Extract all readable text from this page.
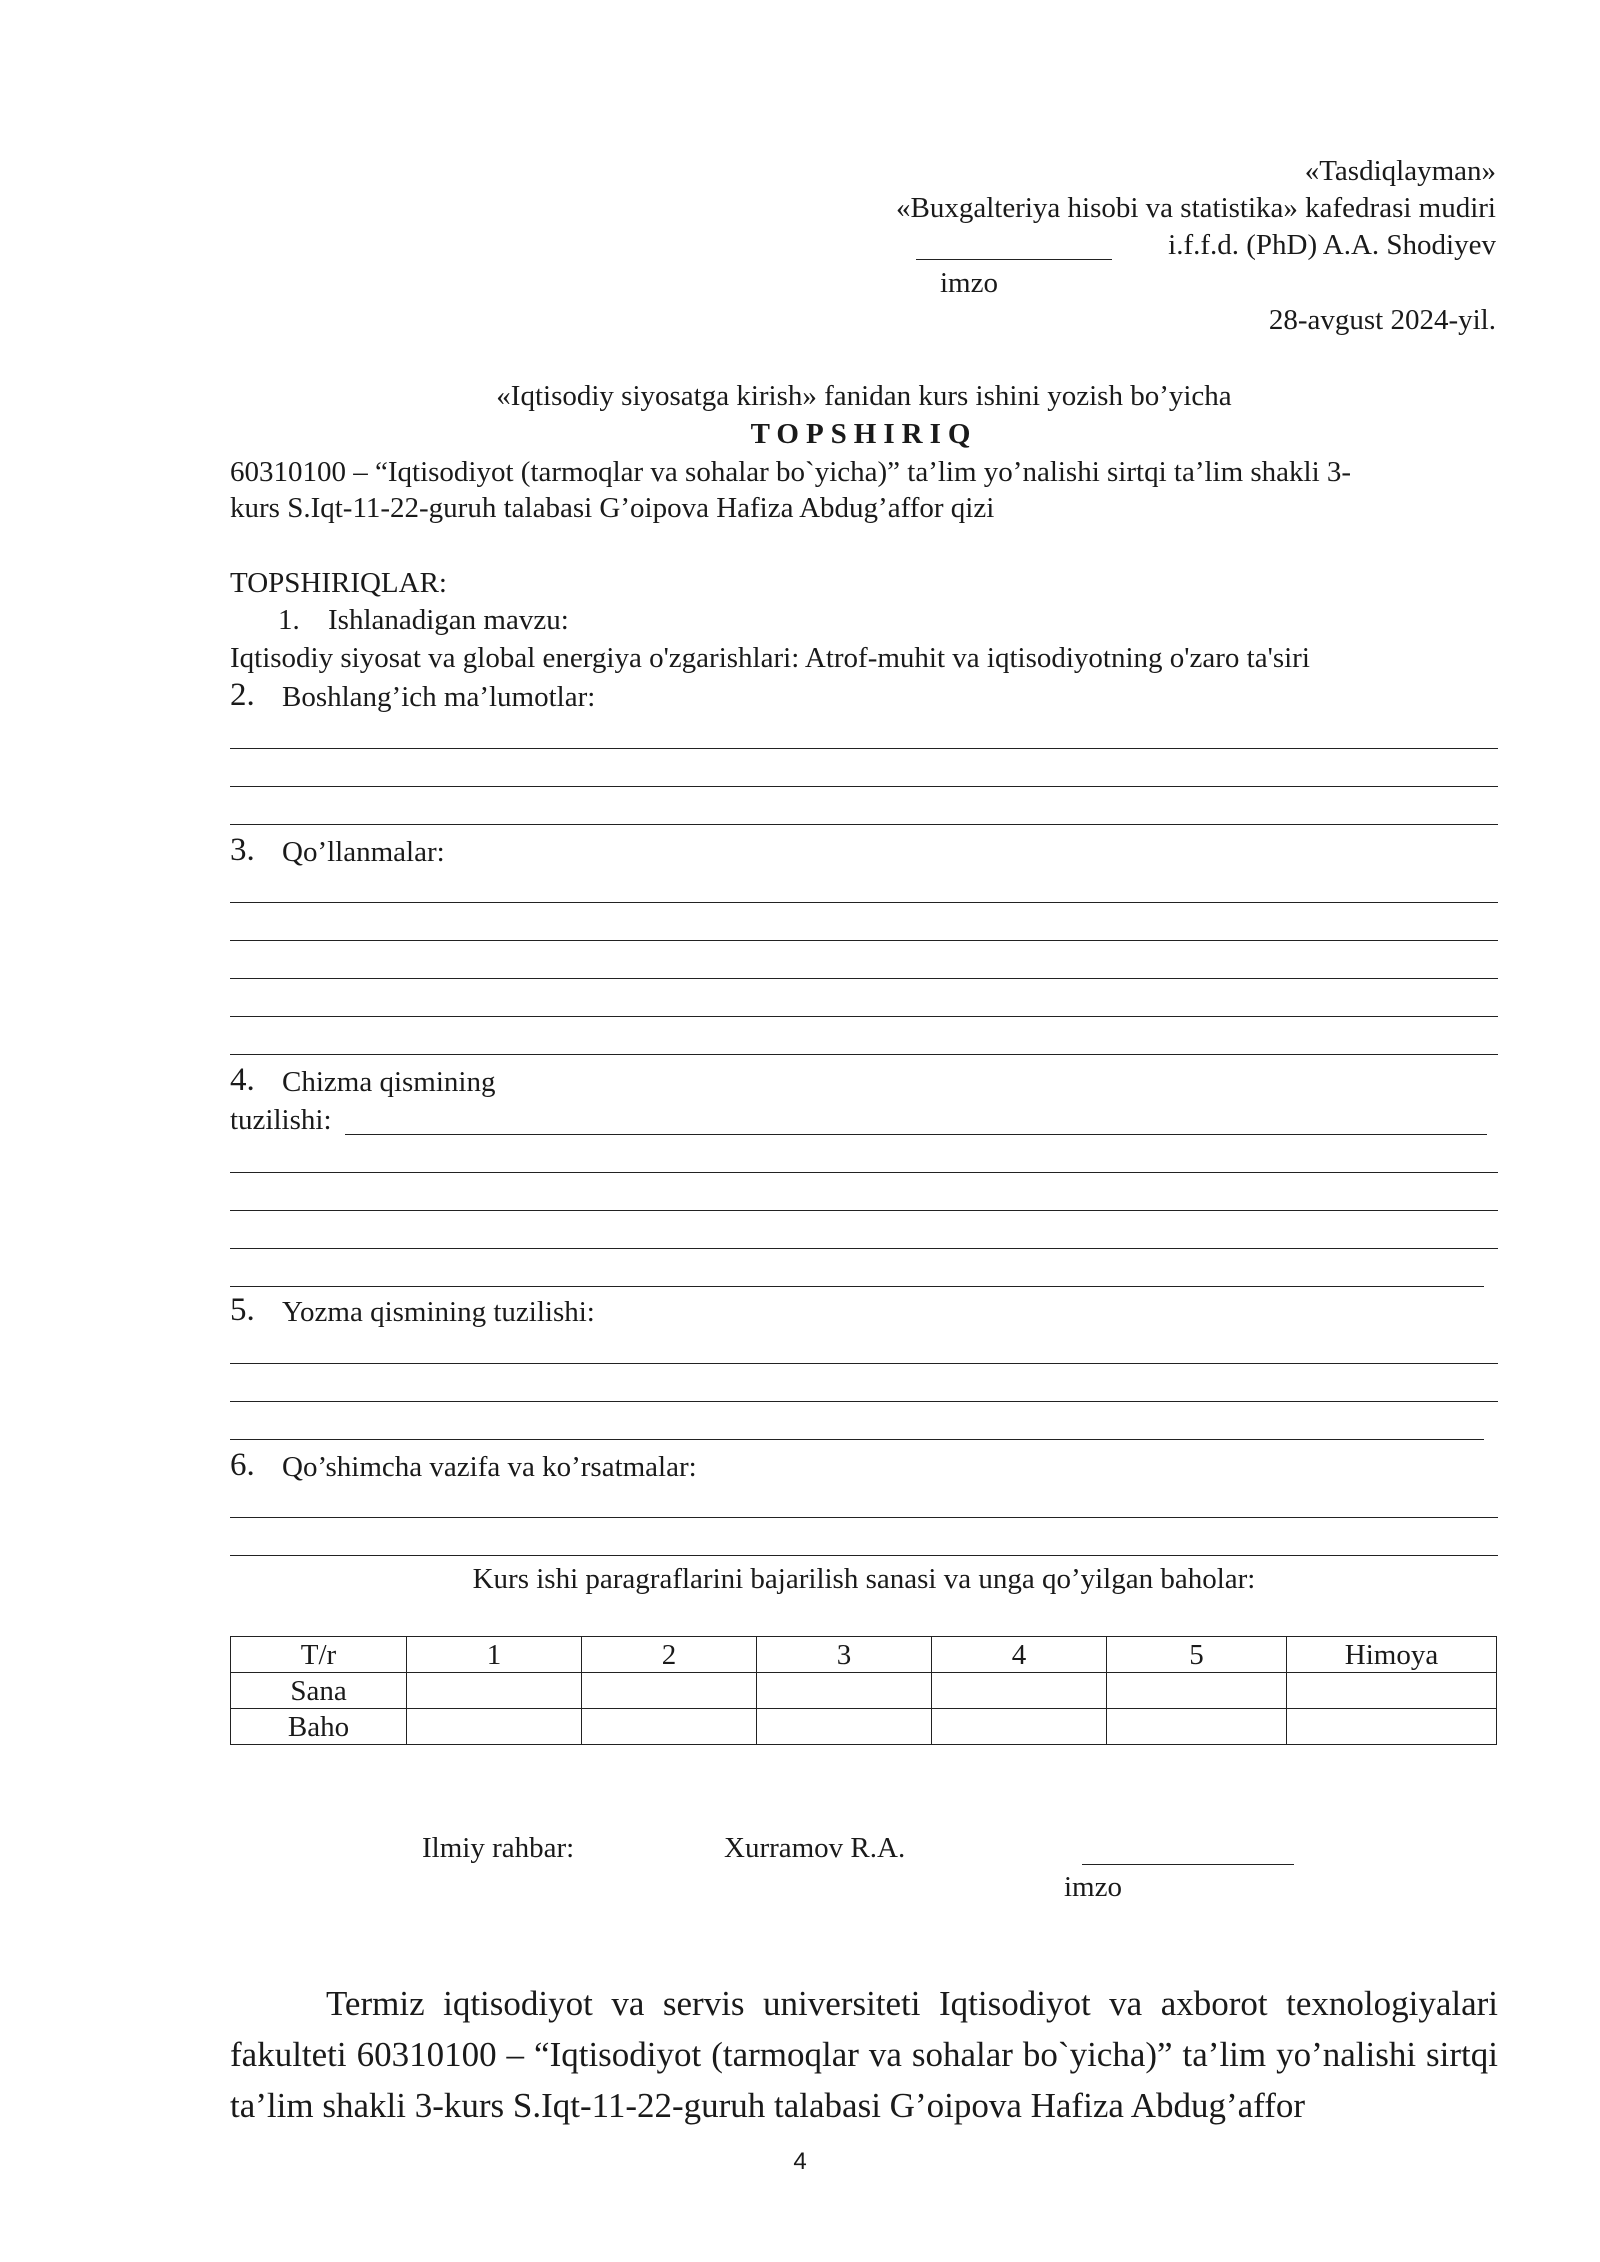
«Tasdiqlayman»
«Buxgalteriya hisobi va statistika» kafedrasi mudiri
i.f.f.d. (PhD) A.A. Shodiyev
imzo
28-avgust 2024-yil.
«Iqtisodiy siyosatga kirish» fanidan kurs ishini yozish bo’yicha
TOPSHIRIQ
60310100 – “Iqtisodiyot (tarmoqlar va sohalar bo`yicha)” ta’lim yo’nalishi sirtqi ta’lim shakli 3-
kurs S.Iqt-11-22-guruh talabasi G’oipova Hafiza Abdug’affor qizi
TOPSHIRIQLAR:
1. Ishlanadigan mavzu:
Iqtisodiy siyosat va global energiya o'zgarishlari: Atrof-muhit va iqtisodiyotning o'zaro ta'siri
2. Boshlang’ich ma’lumotlar:
3. Qo’llanmalar:
4. Chizma qismining
tuzilishi:
5. Yozma qismining tuzilishi:
6. Qo’shimcha vazifa va ko’rsatmalar:
Kurs ishi paragraflarini bajarilish sanasi va unga qo’yilgan baholar:
T/r	1	2	3	4	5	Himoya
Sana						
Baho						
Ilmiy rahbar:	Xurramov R.A.
imzo
Termiz iqtisodiyot va servis universiteti Iqtisodiyot va axborot texnologiyalari fakulteti 60310100 – “Iqtisodiyot (tarmoqlar va sohalar bo`yicha)” ta’lim yo’nalishi sirtqi ta’lim shakli 3-kurs S.Iqt-11-22-guruh talabasi G’oipova Hafiza Abdug’affor
4
